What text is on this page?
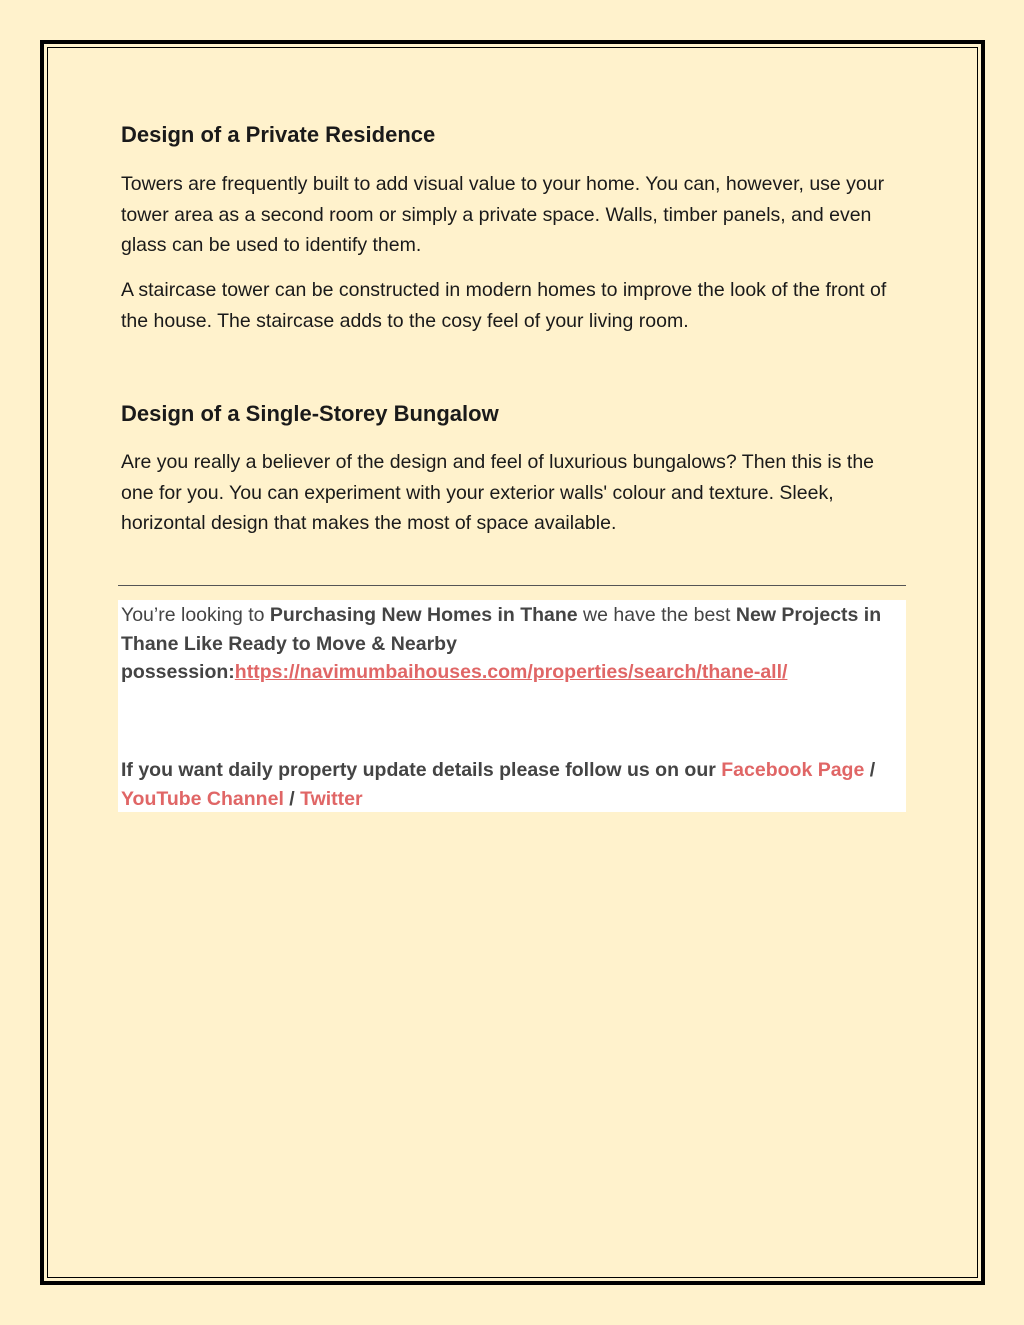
Design of a Private Residence

Towers are frequently built to add visual value to your home. You can, however, use your tower area as a second room or simply a private space. Walls, timber panels, and even glass can be used to identify them.

A staircase tower can be constructed in modern homes to improve the look of the front of the house. The staircase adds to the cosy feel of your living room.

Design of a Single-Storey Bungalow

Are you really a believer of the design and feel of luxurious bungalows? Then this is the one for you. You can experiment with your exterior walls' colour and texture. Sleek, horizontal design that makes the most of space available.

You’re looking to Purchasing New Homes in Thane we have the best New Projects in Thane Like Ready to Move & Nearby possession:https://navimumbaihouses.com/properties/search/thane-all/

If you want daily property update details please follow us on our Facebook Page / YouTube Channel / Twitter
